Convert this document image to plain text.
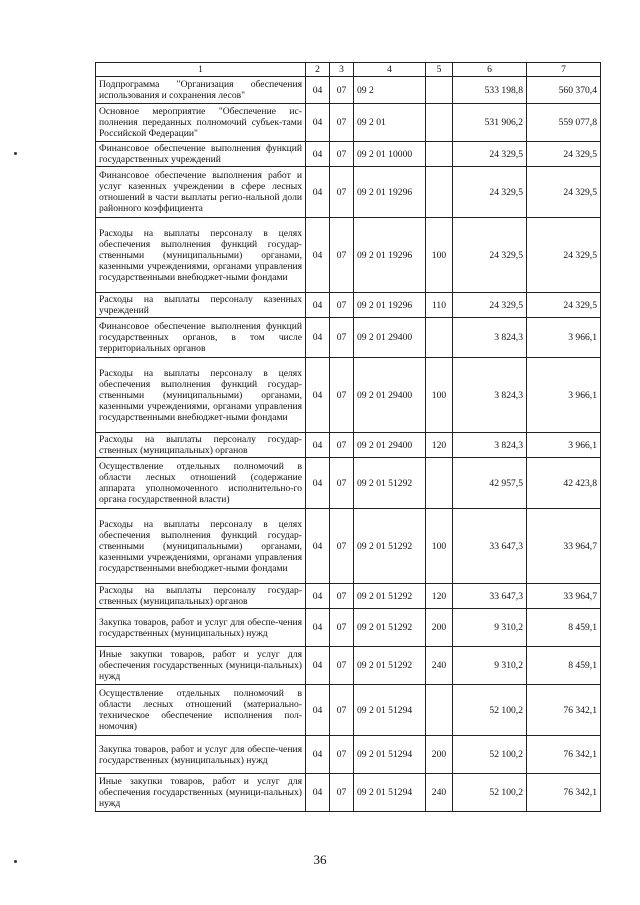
1	2	3	4	5	6	7
Подпрограмма "Организация обеспечения использования и сохранения лесов"	04	07	09 2		533 198,8	560 370,4
Основное мероприятие "Обеспечение ис-полнения переданных полномочий субъек-тами Российской Федерации"	04	07	09 2 01		531 906,2	559 077,8
Финансовое обеспечение выполнения функций государственных учреждений	04	07	09 2 01 10000		24 329,5	24 329,5
Финансовое обеспечение выполнения работ и услуг казенных учреждении в сфере лесных отношений в части выплаты регио-нальной доли районного коэффициента	04	07	09 2 01 19296		24 329,5	24 329,5
Расходы на выплаты персоналу в целях обеспечения выполнения функций государ-ственными (муниципальными) органами, казенными учреждениями, органами управления государственными внебюджет-ными фондами	04	07	09 2 01 19296	100	24 329,5	24 329,5
Расходы на выплаты персоналу казенных учреждений	04	07	09 2 01 19296	110	24 329,5	24 329,5
Финансовое обеспечение выполнения функций государственных органов, в том числе территориальных органов	04	07	09 2 01 29400		3 824,3	3 966,1
Расходы на выплаты персоналу в целях обеспечения выполнения функций государ-ственными (муниципальными) органами, казенными учреждениями, органами управления государственными внебюджет-ными фондами	04	07	09 2 01 29400	100	3 824,3	3 966,1
Расходы на выплаты персоналу государ-ственных (муниципальных) органов	04	07	09 2 01 29400	120	3 824,3	3 966,1
Осуществление отдельных полномочий в области лесных отношений (содержание аппарата уполномоченного исполнительно-го органа государственной власти)	04	07	09 2 01 51292		42 957,5	42 423,8
Расходы на выплаты персоналу в целях обеспечения выполнения функций государ-ственными (муниципальными) органами, казенными учреждениями, органами управления государственными внебюджет-ными фондами	04	07	09 2 01 51292	100	33 647,3	33 964,7
Расходы на выплаты персоналу государ-ственных (муниципальных) органов	04	07	09 2 01 51292	120	33 647,3	33 964,7
Закупка товаров, работ и услуг для обеспе-чения государственных (муниципальных) нужд	04	07	09 2 01 51292	200	9 310,2	8 459,1
Иные закупки товаров, работ и услуг для обеспечения государственных (муници-пальных) нужд	04	07	09 2 01 51292	240	9 310,2	8 459,1
Осуществление отдельных полномочий в области лесных отношений (материально-техническое обеспечение исполнения пол-номочия)	04	07	09 2 01 51294		52 100,2	76 342,1
Закупка товаров, работ и услуг для обеспе-чения государственных (муниципальных) нужд	04	07	09 2 01 51294	200	52 100,2	76 342,1
Иные закупки товаров, работ и услуг для обеспечения государственных (муници-пальных) нужд	04	07	09 2 01 51294	240	52 100,2	76 342,1
36
